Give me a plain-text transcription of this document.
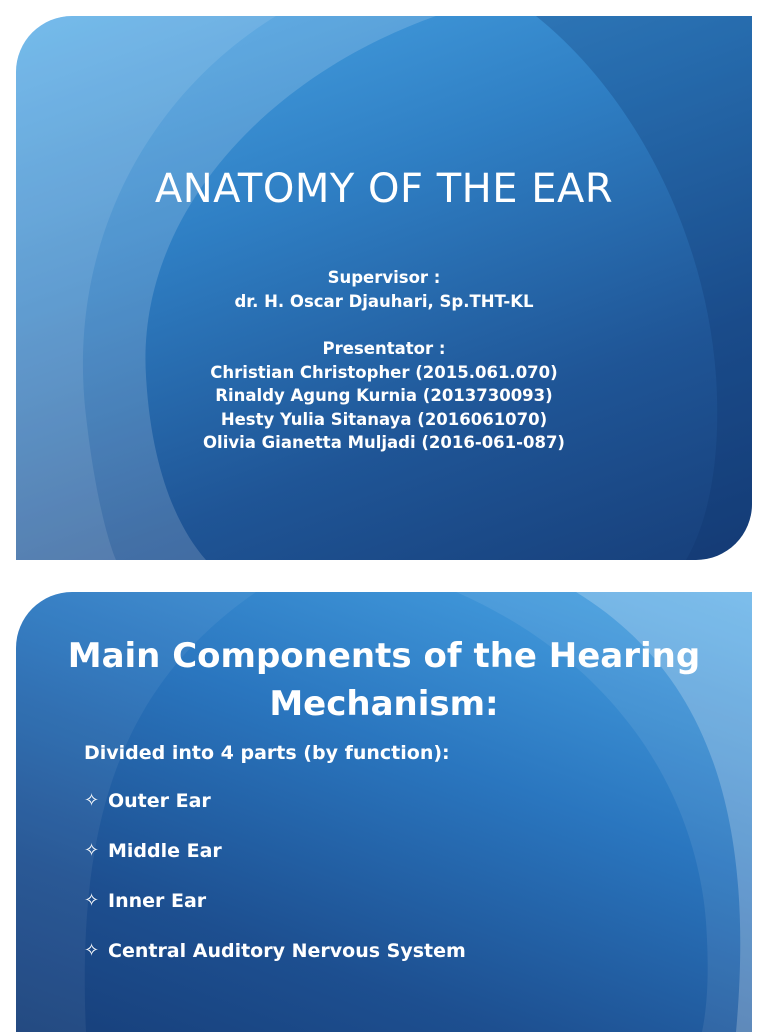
ANATOMY OF THE EAR
Supervisor :
dr. H. Oscar Djauhari, Sp.THT-KL
Presentator :
Christian Christopher (2015.061.070)
Rinaldy Agung Kurnia (2013730093)
Hesty Yulia Sitanaya (2016061070)
Olivia Gianetta Muljadi (2016-061-087)
Main Components of the Hearing Mechanism:
Divided into 4 parts (by function):
✧ Outer Ear
✧ Middle Ear
✧ Inner Ear
✧ Central Auditory Nervous System
